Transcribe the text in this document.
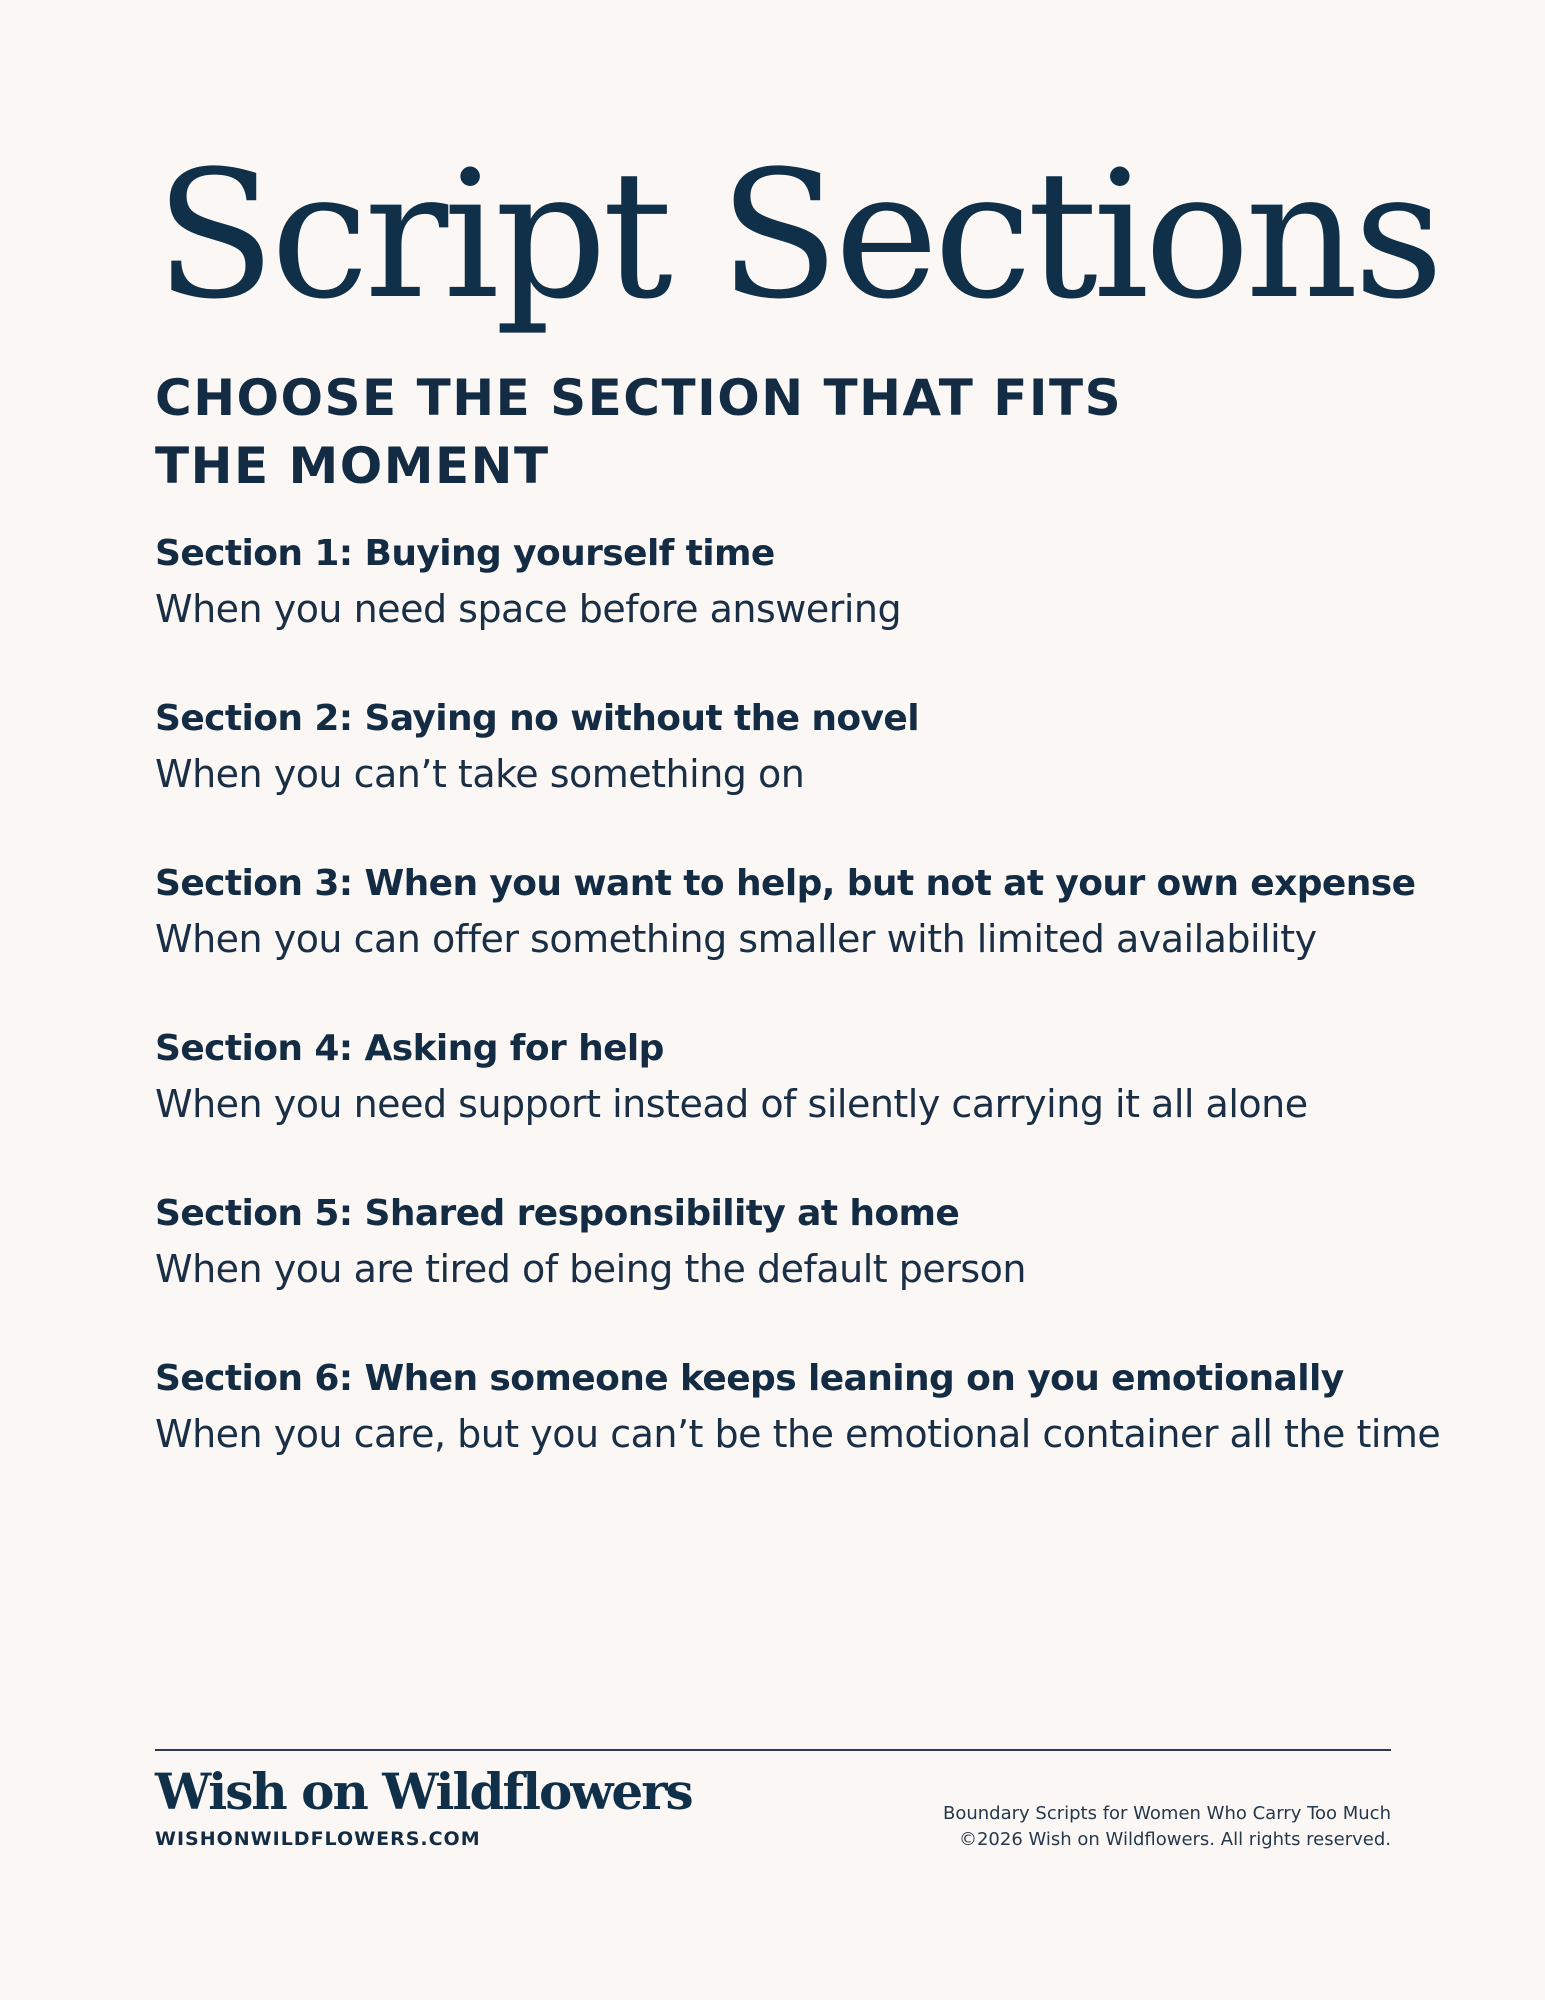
Script Sections
CHOOSE THE SECTION THAT FITS
THE MOMENT
Section 1: Buying yourself time
When you need space before answering
Section 2: Saying no without the novel
When you can’t take something on
Section 3: When you want to help, but not at your own expense
When you can offer something smaller with limited availability
Section 4: Asking for help
When you need support instead of silently carrying it all alone
Section 5: Shared responsibility at home
When you are tired of being the default person
Section 6: When someone keeps leaning on you emotionally
When you care, but you can’t be the emotional container all the time
Wish on Wildflowers
WISHONWILDFLOWERS.COM
Boundary Scripts for Women Who Carry Too Much
©2026 Wish on Wildflowers. All rights reserved.
